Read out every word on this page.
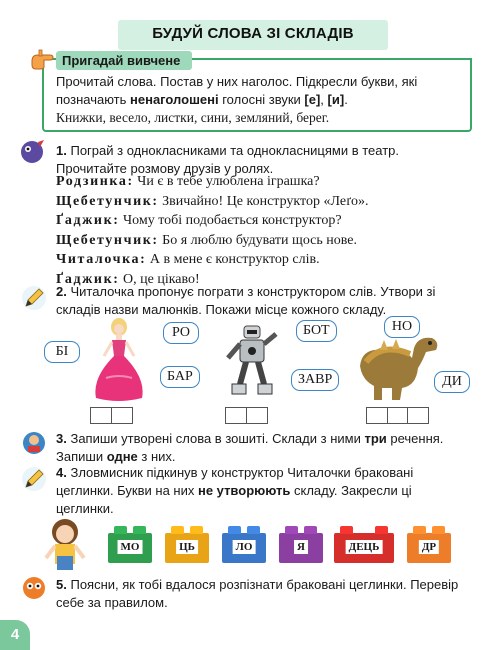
БУДУЙ СЛОВА ЗІ СКЛАДІВ
Пригадай вивчене
Прочитай слова. Постав у них наголос. Підкресли букви, які позначають ненаголошені голосні звуки [е], [и].
Книжки, весело, листки, сини, земляний, берег.
1. Пограй з однокласниками та однокласницями в театр. Прочитайте розмову друзів у ролях.
Родзинка: Чи є в тебе улюблена іграшка?
Щебетунчик: Звичайно! Це конструктор «Леґо».
Ґаджик: Чому тобі подобається конструктор?
Щебетунчик: Бо я люблю будувати щось нове.
Читалочка: А в мене є конструктор слів.
Ґаджик: О, це цікаво!
2. Читалочка пропонує пограти з конструктором слів. Утвори зі складів назви малюнків. Покажи місце кожного складу.
БІ
РО
БАР
БОТ
ЗАВР
НО
ДИ
3. Запиши утворені слова в зошиті. Склади з ними три речення. Запиши одне з них.
4. Зловмисник підкинув у конструктор Читалочки браковані цеглинки. Букви на них не утворюють складу. Закресли ці цеглинки.
МО	ЦЬ	ЛО	Я	ДЕЦЬ	ДР
5. Поясни, як тобі вдалося розпізнати браковані цеглинки. Перевір себе за правилом.
4
